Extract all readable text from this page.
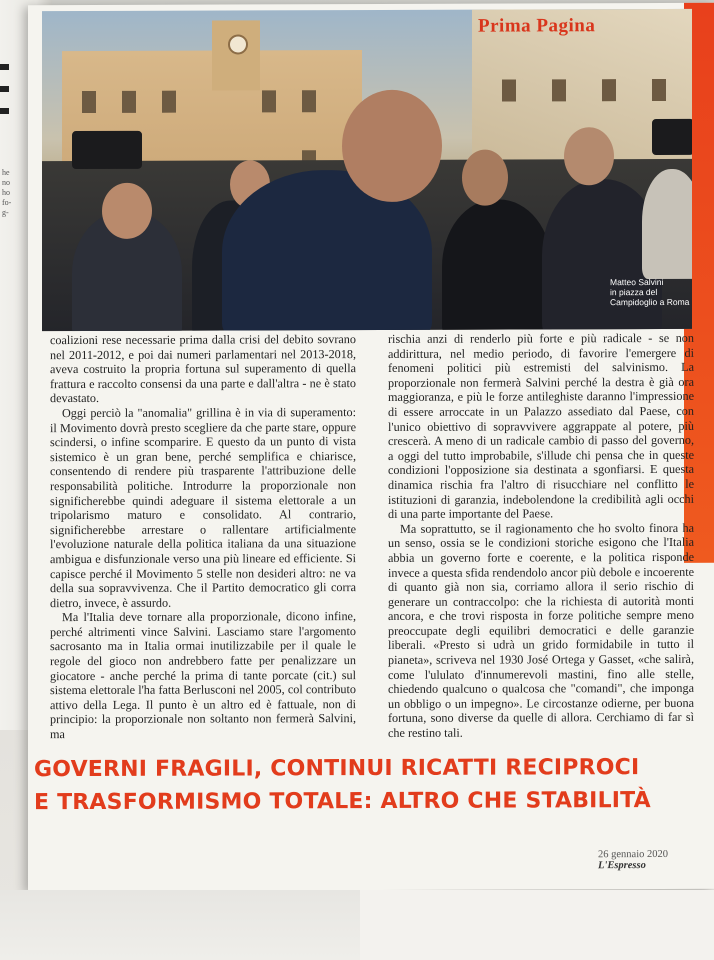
he
no
ho
fo-
g-
Matteo Salvini
in piazza del
Campidoglio a Roma
Prima Pagina

coalizioni rese necessarie prima dalla crisi del debito sovrano nel 2011-2012, e poi dai numeri parlamentari nel 2013-2018, aveva costruito la propria fortuna sul superamento di quella frattura e raccolto consensi da una parte e dall'altra - ne è stato devastato.

Oggi perciò la "anomalia" grillina è in via di superamento: il Movimento dovrà presto scegliere da che parte stare, oppure scindersi, o infine scomparire. E questo da un punto di vista sistemico è un gran bene, perché semplifica e chiarisce, consentendo di rendere più trasparente l'attribuzione delle responsabilità politiche. Introdurre la proporzionale non significherebbe quindi adeguare il sistema elettorale a un tripolarismo maturo e consolidato. Al contrario, significherebbe arrestare o rallentare artificialmente l'evoluzione naturale della politica italiana da una situazione ambigua e disfunzionale verso una più lineare ed efficiente. Si capisce perché il Movimento 5 stelle non desideri altro: ne va della sua sopravvivenza. Che il Partito democratico gli corra dietro, invece, è assurdo.

Ma l'Italia deve tornare alla proporzionale, dicono infine, perché altrimenti vince Salvini. Lasciamo stare l'argomento sacrosanto ma in Italia ormai inutilizzabile per il quale le regole del gioco non andrebbero fatte per penalizzare un giocatore - anche perché la prima di tante porcate (cit.) sul sistema elettorale l'ha fatta Berlusconi nel 2005, col contributo attivo della Lega. Il punto è un altro ed è fattuale, non di principio: la proporzionale non soltanto non fermerà Salvini, ma

rischia anzi di renderlo più forte e più radicale - se non addirittura, nel medio periodo, di favorire l'emergere di fenomeni politici più estremisti del salvinismo. La proporzionale non fermerà Salvini perché la destra è già ora maggioranza, e più le forze antileghiste daranno l'impressione di essere arroccate in un Palazzo assediato dal Paese, con l'unico obiettivo di sopravvivere aggrappate al potere, più crescerà. A meno di un radicale cambio di passo del governo, a oggi del tutto improbabile, s'illude chi pensa che in queste condizioni l'opposizione sia destinata a sgonfiarsi. E questa dinamica rischia fra l'altro di risucchiare nel conflitto le istituzioni di garanzia, indebolendone la credibilità agli occhi di una parte importante del Paese.

Ma soprattutto, se il ragionamento che ho svolto finora ha un senso, ossia se le condizioni storiche esigono che l'Italia abbia un governo forte e coerente, e la politica risponde invece a questa sfida rendendolo ancor più debole e incoerente di quanto già non sia, corriamo allora il serio rischio di generare un contraccolpo: che la richiesta di autorità monti ancora, e che trovi risposta in forze politiche sempre meno preoccupate degli equilibri democratici e delle garanzie liberali. «Presto si udrà un grido formidabile in tutto il pianeta», scriveva nel 1930 José Ortega y Gasset, «che salirà, come l'ululato d'innumerevoli mastini, fino alle stelle, chiedendo qualcuno o qualcosa che "comandi", che imponga un obbligo o un impegno». Le circostanze odierne, per buona fortuna, sono diverse da quelle di allora. Cerchiamo di far sì che restino tali.

GOVERNI FRAGILI, CONTINUI RICATTI RECIPROCI
E TRASFORMISMO TOTALE: ALTRO CHE STABILITÀ
26 gennaio 2020 L'Espresso
